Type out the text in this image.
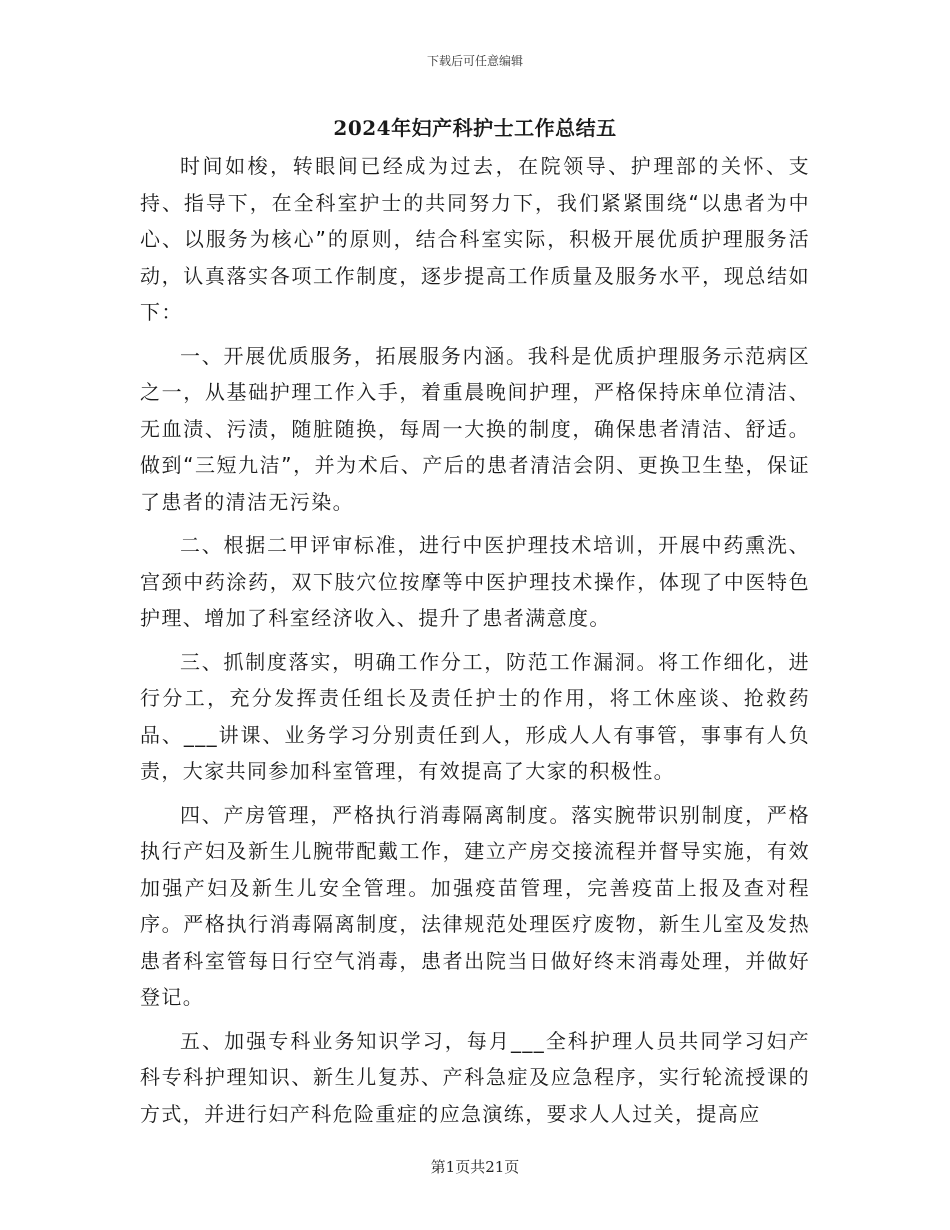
下载后可任意编辑
2024年妇产科护士工作总结五

时间如梭，转眼间已经成为过去，在院领导、护理部的关怀、支持、指导下，在全科室护士的共同努力下，我们紧紧围绕“以患者为中心、以服务为核心”的原则，结合科室实际，积极开展优质护理服务活动，认真落实各项工作制度，逐步提高工作质量及服务水平，现总结如下：

一、开展优质服务，拓展服务内涵。我科是优质护理服务示范病区之一，从基础护理工作入手，着重晨晚间护理，严格保持床单位清洁、无血渍、污渍，随脏随换，每周一大换的制度，确保患者清洁、舒适。做到“三短九洁”，并为术后、产后的患者清洁会阴、更换卫生垫，保证了患者的清洁无污染。

二、根据二甲评审标准，进行中医护理技术培训，开展中药熏洗、宫颈中药涂药，双下肢穴位按摩等中医护理技术操作，体现了中医特色护理、增加了科室经济收入、提升了患者满意度。

三、抓制度落实，明确工作分工，防范工作漏洞。将工作细化，进行分工，充分发挥责任组长及责任护士的作用，将工休座谈、抢救药品、___讲课、业务学习分别责任到人，形成人人有事管，事事有人负责，大家共同参加科室管理，有效提高了大家的积极性。

四、产房管理，严格执行消毒隔离制度。落实腕带识别制度，严格执行产妇及新生儿腕带配戴工作，建立产房交接流程并督导实施，有效加强产妇及新生儿安全管理。加强疫苗管理，完善疫苗上报及查对程序。严格执行消毒隔离制度，法律规范处理医疗废物，新生儿室及发热患者科室管每日行空气消毒，患者出院当日做好终末消毒处理，并做好登记。

五、加强专科业务知识学习，每月___全科护理人员共同学习妇产科专科护理知识、新生儿复苏、产科急症及应急程序，实行轮流授课的方式，并进行妇产科危险重症的应急演练，要求人人过关，提高应

第1页共21页
